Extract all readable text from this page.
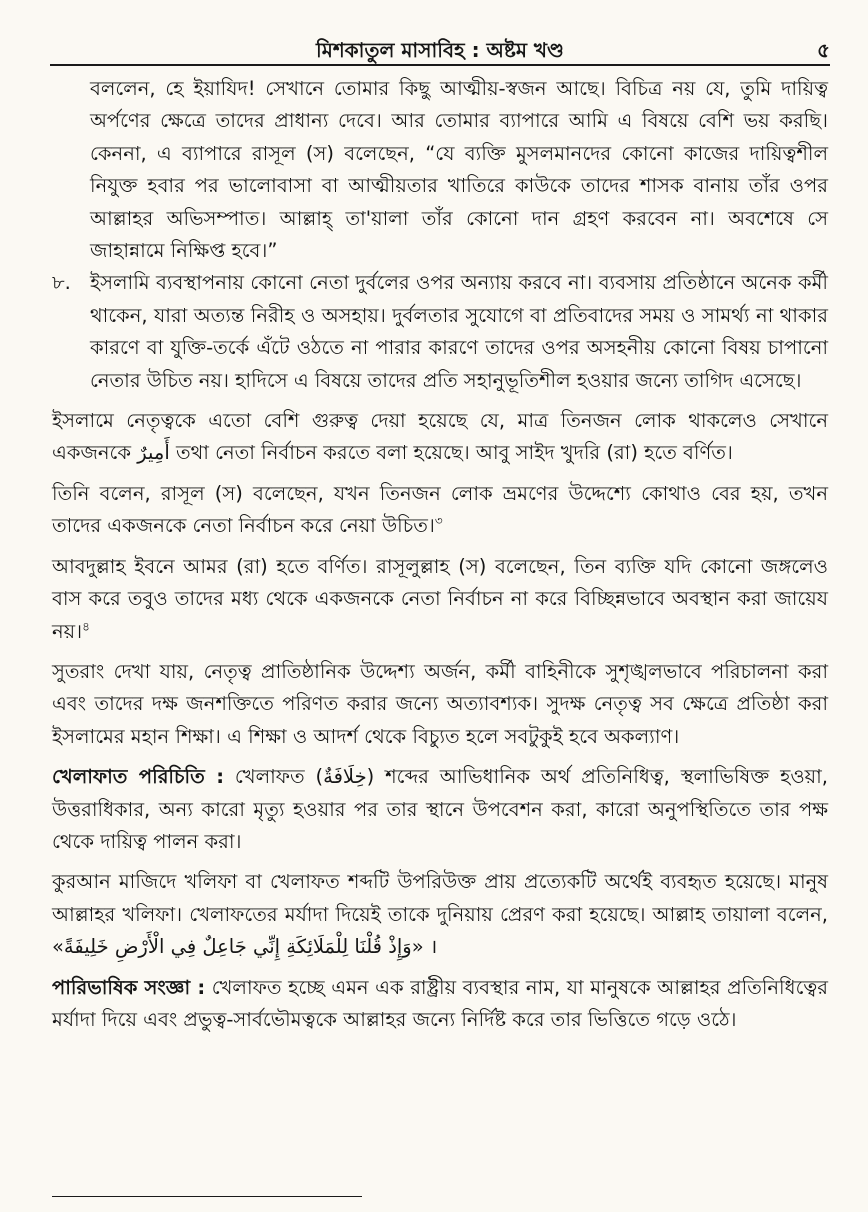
মিশকাতুল মাসাবিহ : অষ্টম খণ্ড	৫

বললেন, হে ইয়াযিদ! সেখানে তোমার কিছু আত্মীয়-স্বজন আছে। বিচিত্র নয় যে, তুমি দায়িত্ব অর্পণের ক্ষেত্রে তাদের প্রাধান্য দেবে। আর তোমার ব্যাপারে আমি এ বিষয়ে বেশি ভয় করছি। কেননা, এ ব্যাপারে রাসূল (স) বলেছেন, “যে ব্যক্তি মুসলমানদের কোনো কাজের দায়িত্বশীল নিযুক্ত হবার পর ভালোবাসা বা আত্মীয়তার খাতিরে কাউকে তাদের শাসক বানায় তাঁর ওপর আল্লাহর অভিসম্পাত। আল্লাহ্ তা'য়ালা তাঁর কোনো দান গ্রহণ করবেন না। অবশেষে সে জাহান্নামে নিক্ষিপ্ত হবে।”

৮. ইসলামি ব্যবস্থাপনায় কোনো নেতা দুর্বলের ওপর অন্যায় করবে না। ব্যবসায় প্রতিষ্ঠানে অনেক কর্মী থাকেন, যারা অত্যন্ত নিরীহ ও অসহায়। দুর্বলতার সুযোগে বা প্রতিবাদের সময় ও সামর্থ্য না থাকার কারণে বা যুক্তি-তর্কে এঁটে ওঠতে না পারার কারণে তাদের ওপর অসহনীয় কোনো বিষয় চাপানো নেতার উচিত নয়। হাদিসে এ বিষয়ে তাদের প্রতি সহানুভূতিশীল হওয়ার জন্যে তাগিদ এসেছে।

ইসলামে নেতৃত্বকে এতো বেশি গুরুত্ব দেয়া হয়েছে যে, মাত্র তিনজন লোক থাকলেও সেখানে একজনকে أَمِيرٌ তথা নেতা নির্বাচন করতে বলা হয়েছে। আবু সাইদ খুদরি (রা) হতে বর্ণিত।

তিনি বলেন, রাসূল (স) বলেছেন, যখন তিনজন লোক ভ্রমণের উদ্দেশ্যে কোথাও বের হয়, তখন তাদের একজনকে নেতা নির্বাচন করে নেয়া উচিত।$^৩$

আবদুল্লাহ ইবনে আমর (রা) হতে বর্ণিত। রাসূলুল্লাহ (স) বলেছেন, তিন ব্যক্তি যদি কোনো জঙ্গলেও বাস করে তবুও তাদের মধ্য থেকে একজনকে নেতা নির্বাচন না করে বিচ্ছিন্নভাবে অবস্থান করা জায়েয নয়।$^৪$

সুতরাং দেখা যায়, নেতৃত্ব প্রাতিষ্ঠানিক উদ্দেশ্য অর্জন, কর্মী বাহিনীকে সুশৃঙ্খলভাবে পরিচালনা করা এবং তাদের দক্ষ জনশক্তিতে পরিণত করার জন্যে অত্যাবশ্যক। সুদক্ষ নেতৃত্ব সব ক্ষেত্রে প্রতিষ্ঠা করা ইসলামের মহান শিক্ষা। এ শিক্ষা ও আদর্শ থেকে বিচ্যুত হলে সবটুকুই হবে অকল্যাণ।

খেলাফাত পরিচিতি : খেলাফত (خِلَافَةٌ) শব্দের আভিধানিক অর্থ প্রতিনিধিত্ব, স্থলাভিষিক্ত হওয়া, উত্তরাধিকার, অন্য কারো মৃত্যু হওয়ার পর তার স্থানে উপবেশন করা, কারো অনুপস্থিতিতে তার পক্ষ থেকে দায়িত্ব পালন করা।

কুরআন মাজিদে খলিফা বা খেলাফত শব্দটি উপরিউক্ত প্রায় প্রত্যেকটি অর্থেই ব্যবহৃত হয়েছে। মানুষ আল্লাহর খলিফা। খেলাফতের মর্যাদা দিয়েই তাকে দুনিয়ায় প্রেরণ করা হয়েছে। আল্লাহ তায়ালা বলেন, «وَإِذْ قُلْنَا لِلْمَلَائِكَةِ إِنِّي جَاعِلٌ فِي الْأَرْضِ خَلِيفَةً» ।

পারিভাষিক সংজ্ঞা : খেলাফত হচ্ছে এমন এক রাষ্ট্রীয় ব্যবস্থার নাম, যা মানুষকে আল্লাহর প্রতিনিধিত্বের মর্যাদা দিয়ে এবং প্রভুত্ব-সার্বভৌমত্বকে আল্লাহর জন্যে নির্দিষ্ট করে তার ভিত্তিতে গড়ে ওঠে।
